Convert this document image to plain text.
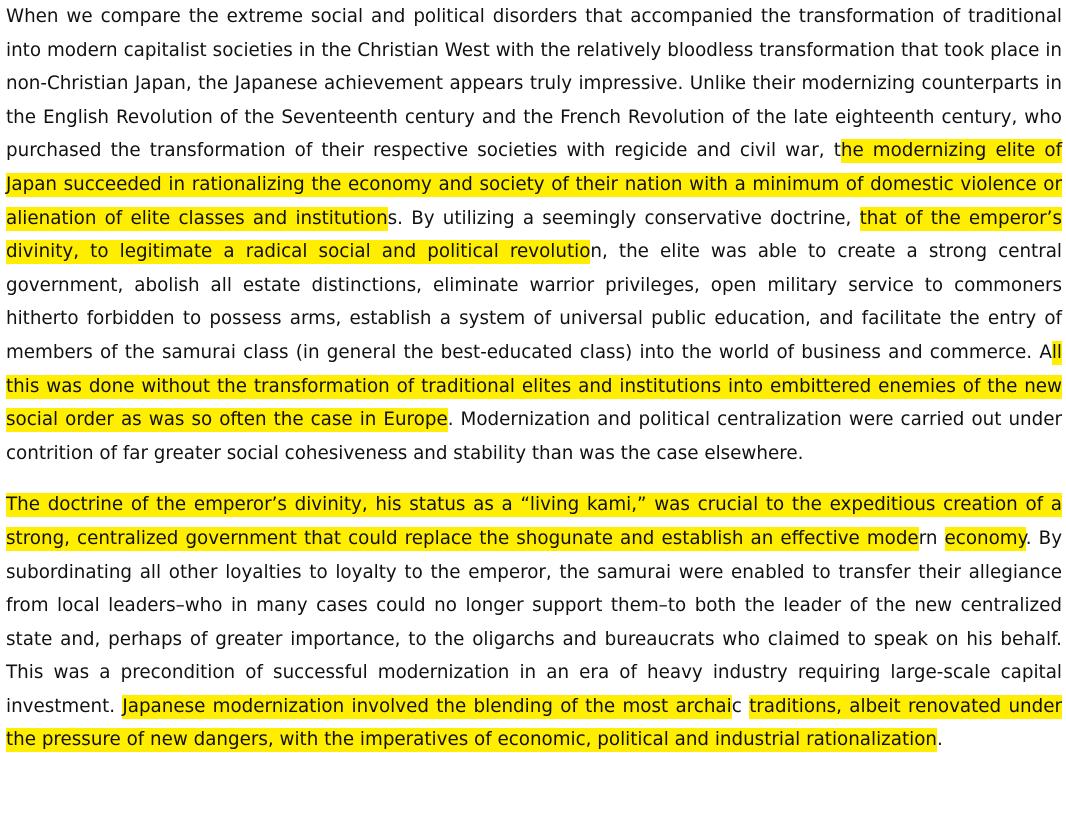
When we compare the extreme social and political disorders that accompanied the transformation of traditional into modern capitalist societies in the Christian West with the relatively bloodless transformation that took place in non-Christian Japan, the Japanese achievement appears truly impressive. Unlike their modernizing counterparts in the English Revolution of the Seventeenth century and the French Revolution of the late eighteenth century, who purchased the transformation of their respective societies with regicide and civil war, the modernizing elite of Japan succeeded in rationalizing the economy and society of their nation with a minimum of domestic violence or alienation of elite classes and institutions. By utilizing a seemingly conservative doctrine, that of the emperor’s divinity, to legitimate a radical social and political revolution, the elite was able to create a strong central government, abolish all estate distinctions, eliminate warrior privileges, open military service to commoners hitherto forbidden to possess arms, establish a system of universal public education, and facilitate the entry of members of the samurai class (in general the best-educated class) into the world of business and commerce. All this was done without the transformation of traditional elites and institutions into embittered enemies of the new social order as was so often the case in Europe. Modernization and political centralization were carried out under contrition of far greater social cohesiveness and stability than was the case elsewhere.

The doctrine of the emperor’s divinity, his status as a “living kami,” was crucial to the expeditious creation of a strong, centralized government that could replace the shogunate and establish an effective modern economy. By subordinating all other loyalties to loyalty to the emperor, the samurai were enabled to transfer their allegiance from local leaders–who in many cases could no longer support them–to both the leader of the new centralized state and, perhaps of greater importance, to the oligarchs and bureaucrats who claimed to speak on his behalf. This was a precondition of successful modernization in an era of heavy industry requiring large-scale capital investment. Japanese modernization involved the blending of the most archaic traditions, albeit renovated under the pressure of new dangers, with the imperatives of economic, political and industrial rationalization.
